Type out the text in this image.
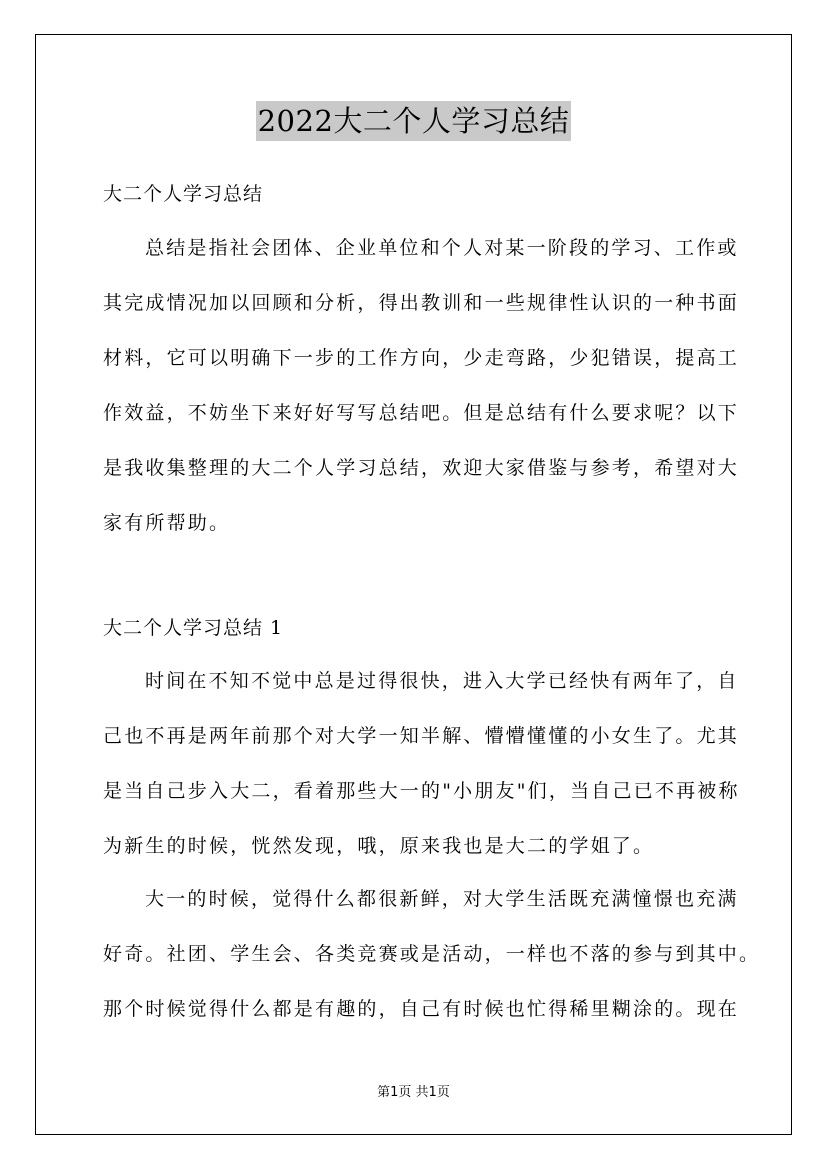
2022大二个人学习总结
大二个人学习总结
总结是指社会团体、企业单位和个人对某一阶段的学习、工作或
其完成情况加以回顾和分析，得出教训和一些规律性认识的一种书面
材料，它可以明确下一步的工作方向，少走弯路，少犯错误，提高工
作效益，不妨坐下来好好写写总结吧。但是总结有什么要求呢？以下
是我收集整理的大二个人学习总结，欢迎大家借鉴与参考，希望对大
家有所帮助。
大二个人学习总结 1
时间在不知不觉中总是过得很快，进入大学已经快有两年了，自
己也不再是两年前那个对大学一知半解、懵懵懂懂的小女生了。尤其
是当自己步入大二，看着那些大一的"小朋友"们，当自己已不再被称
为新生的时候，恍然发现，哦，原来我也是大二的学姐了。
大一的时候，觉得什么都很新鲜，对大学生活既充满憧憬也充满
好奇。社团、学生会、各类竞赛或是活动，一样也不落的参与到其中。
那个时候觉得什么都是有趣的，自己有时候也忙得稀里糊涂的。现在
第1页 共1页
